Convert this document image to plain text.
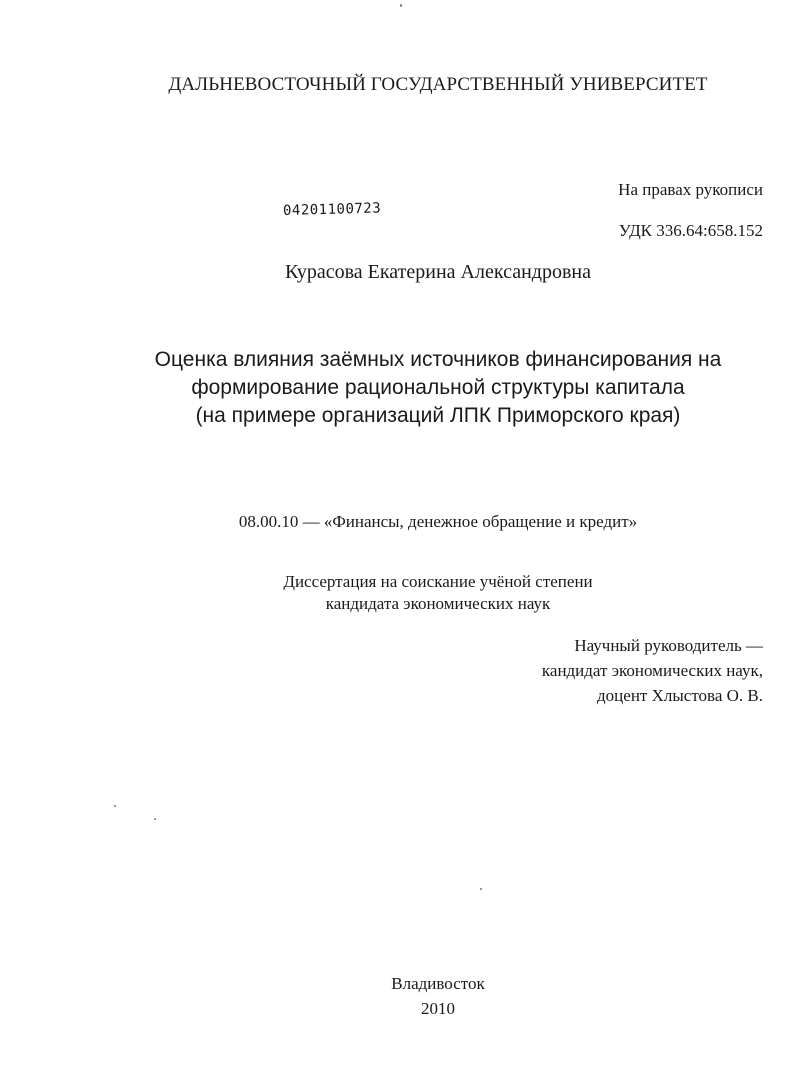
ДАЛЬНЕВОСТОЧНЫЙ ГОСУДАРСТВЕННЫЙ УНИВЕРСИТЕТ
На правах рукописи
04201100723
УДК 336.64:658.152
Курасова Екатерина Александровна
Оценка влияния заёмных источников финансирования на
формирование рациональной структуры капитала
(на примере организаций ЛПК Приморского края)
08.00.10 — «Финансы, денежное обращение и кредит»
Диссертация на соискание учёной степени
кандидата экономических наук
Научный руководитель —
кандидат экономических наук,
доцент Хлыстова О. В.
Владивосток
2010
